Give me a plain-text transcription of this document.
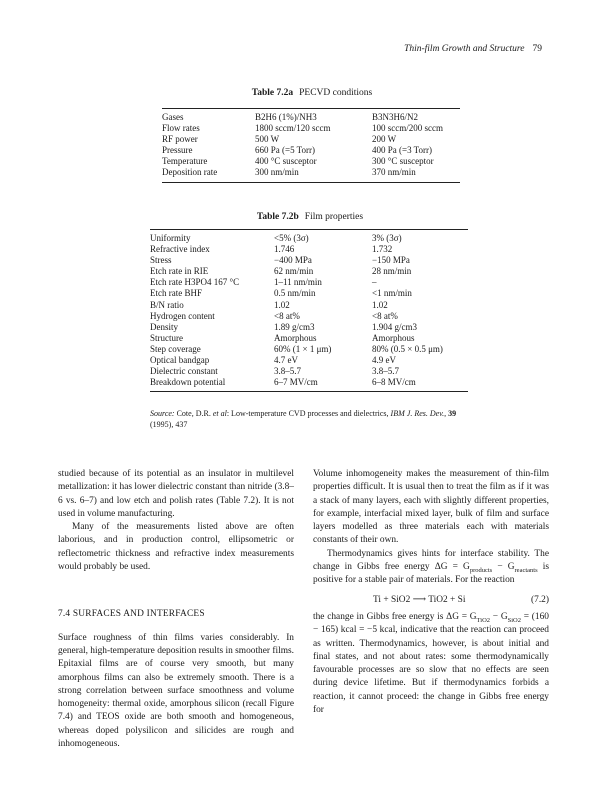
Thin-film Growth and Structure 79
Table 7.2a PECVD conditions
Gases	B2H6 (1%)/NH3	B3N3H6/N2
Flow rates	1800 sccm/120 sccm	100 sccm/200 sccm
RF power	500 W	200 W
Pressure	660 Pa (=5 Torr)	400 Pa (=3 Torr)
Temperature	400 °C susceptor	300 °C susceptor
Deposition rate	300 nm/min	370 nm/min
Table 7.2b Film properties
Uniformity	<5% (3σ)	3% (3σ)
Refractive index	1.746	1.732
Stress	−400 MPa	−150 MPa
Etch rate in RIE	62 nm/min	28 nm/min
Etch rate H3PO4 167 °C	1–11 nm/min	–
Etch rate BHF	0.5 nm/min	<1 nm/min
B/N ratio	1.02	1.02
Hydrogen content	<8 at%	<8 at%
Density	1.89 g/cm3	1.904 g/cm3
Structure	Amorphous	Amorphous
Step coverage	60% (1 × 1 μm)	80% (0.5 × 0.5 μm)
Optical bandgap	4.7 eV	4.9 eV
Dielectric constant	3.8–5.7	3.8–5.7
Breakdown potential	6–7 MV/cm	6–8 MV/cm
Source: Cote, D.R. et al: Low-temperature CVD processes and dielectrics, IBM J. Res. Dev., 39 (1995), 437

studied because of its potential as an insulator in multilevel metallization: it has lower dielectric constant than nitride (3.8–6 vs. 6–7) and low etch and polish rates (Table 7.2). It is not used in volume manufacturing.

Many of the measurements listed above are often laborious, and in production control, ellipsometric or reflectometric thickness and refractive index measurements would probably be used.

7.4 SURFACES AND INTERFACES

Surface roughness of thin films varies considerably. In general, high-temperature deposition results in smoother films. Epitaxial films are of course very smooth, but many amorphous films can also be extremely smooth. There is a strong correlation between surface smoothness and volume homogeneity: thermal oxide, amorphous silicon (recall Figure 7.4) and TEOS oxide are both smooth and homogeneous, whereas doped polysilicon and silicides are rough and inhomogeneous.

Volume inhomogeneity makes the measurement of thin-film properties difficult. It is usual then to treat the film as if it was a stack of many layers, each with slightly different properties, for example, interfacial mixed layer, bulk of film and surface layers modelled as three materials each with materials constants of their own.

Thermodynamics gives hints for interface stability. The change in Gibbs free energy $\Delta G = G_{products} - G_{reactants}$ is positive for a stable pair of materials. For the reaction

Ti + SiO2 ⟶ TiO2 + Si	(7.2)

the change in Gibbs free energy is $\Delta G = G_{TiO2} - G_{SiO2} = (160 - 165)$ kcal = −5 kcal, indicative that the reaction can proceed as written. Thermodynamics, however, is about initial and final states, and not about rates: some thermodynamically favourable processes are so slow that no effects are seen during device lifetime. But if thermodynamics forbids a reaction, it cannot proceed: the change in Gibbs free energy for
